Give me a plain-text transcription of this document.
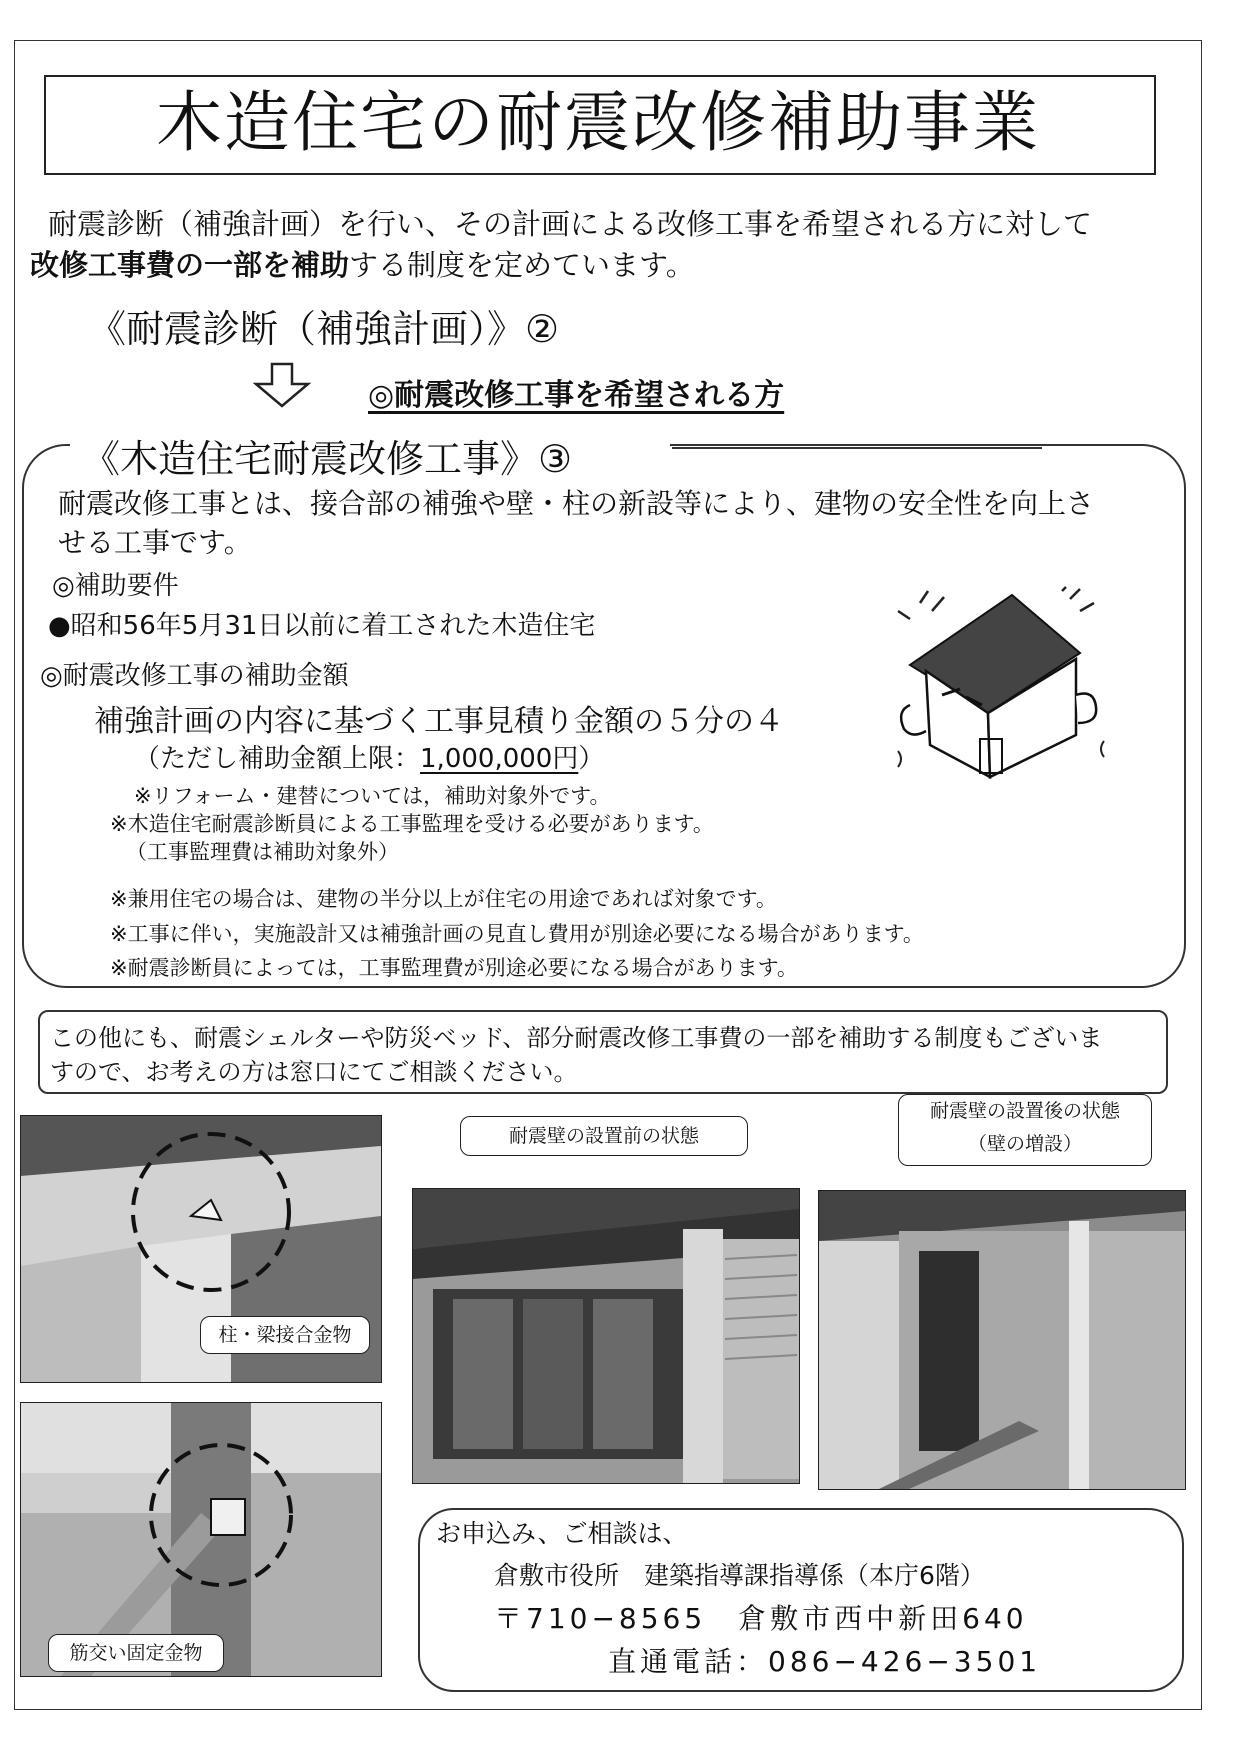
木造住宅の耐震改修補助事業
耐震診断（補強計画）を行い、その計画による改修工事を希望される方に対して
改修工事費の一部を補助する制度を定めています。
《耐震診断（補強計画）》②
◎耐震改修工事を希望される方
《木造住宅耐震改修工事》③
耐震改修工事とは、接合部の補強や壁・柱の新設等により、建物の安全性を向上さ
せる工事です。
◎補助要件
●昭和56年5月31日以前に着工された木造住宅
◎耐震改修工事の補助金額
補強計画の内容に基づく工事見積り金額の５分の４
（ただし補助金額上限：1,000,000円）
※リフォーム・建替については，補助対象外です。
※木造住宅耐震診断員による工事監理を受ける必要があります。
（工事監理費は補助対象外）
※兼用住宅の場合は、建物の半分以上が住宅の用途であれば対象です。
※工事に伴い，実施設計又は補強計画の見直し費用が別途必要になる場合があります。
※耐震診断員によっては，工事監理費が別途必要になる場合があります。
この他にも、耐震シェルターや防災ベッド、部分耐震改修工事費の一部を補助する制度もございま
すので、お考えの方は窓口にてご相談ください。
柱・梁接合金物
筋交い固定金物
耐震壁の設置前の状態
耐震壁の設置後の状態
（壁の増設）
お申込み、ご相談は、
倉敷市役所　建築指導課指導係（本庁6階）
〒710−8565　倉敷市西中新田640
直通電話：086−426−3501
